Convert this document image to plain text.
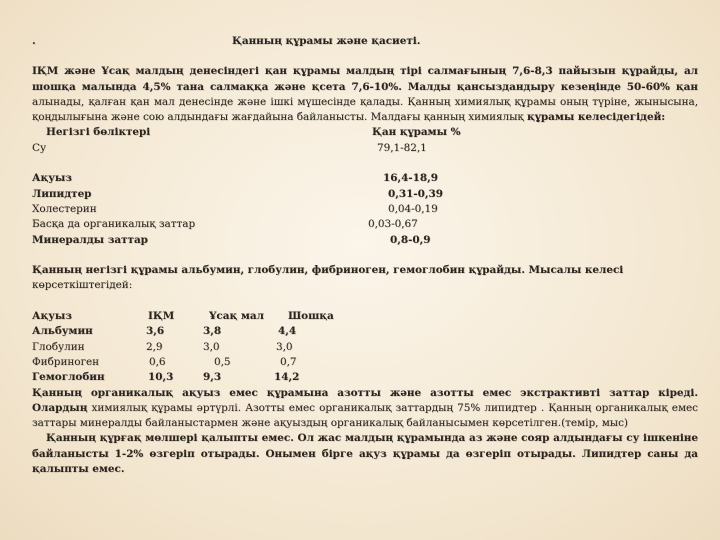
.	Қанның құрамы және қасиеті.

ІҚМ және Ұсақ малдың денесіндегі қан құрамы малдың тірі салмағының 7,6-8,3 пайызын құрайды, ал шошқа малында 4,5% тана салмаққа және қсета 7,6-10%. Малды қансыздандыру кезеңінде 50-60% қан алынады, қалған қан мал денесінде және ішкі мүшесінде қалады. Қанның химиялық құрамы оның түріне, жынысына, қоңдылығына және сою алдындағы жағдайына байланысты. Малдағы қанның химиялық құрамы келесідегідей:

Негізгі бөліктері	Қан құрамы %
Су	79,1-82,1
Ақуыз	16,4-18,9
Липидтер	0,31-0,39
Холестерин	0,04-0,19
Басқа да органикалық заттар	0,03-0,67
Минералды заттар	0,8-0,9

Қанның негізгі құрамы альбумин, глобулин, фибриноген, гемоглобин құрайды. Мысалы келесі

көрсеткіштегідей:
Ақуыз	ІҚМ	Ұсақ мал Шошқа
Альбумин	3,6	3,8	4,4
Глобулин	2,9	3,0	3,0
Фибриноген	0,6	0,5	0,7
Гемоглобин	10,3	9,3	14,2

Қанның органикалық ақуыз емес құрамына азотты және азотты емес экстрактивті заттар кіреді. Олардың химиялық құрамы әртүрлі. Азотты емес органикалық заттардың 75% липидтер . Қанның органикалық емес заттары минералды байланыстармен және ақуыздың органикалық байланысымен көрсетілген.(темір, мыс)

Қанның құрғақ мөлшері қалыпты емес. Ол жас малдың құрамында аз және сояр алдындағы су ішкеніне байланысты 1-2% өзгеріп отырады. Онымен бірге ақуз құрамы да өзгеріп отырады. Липидтер саны да қалыпты емес.
